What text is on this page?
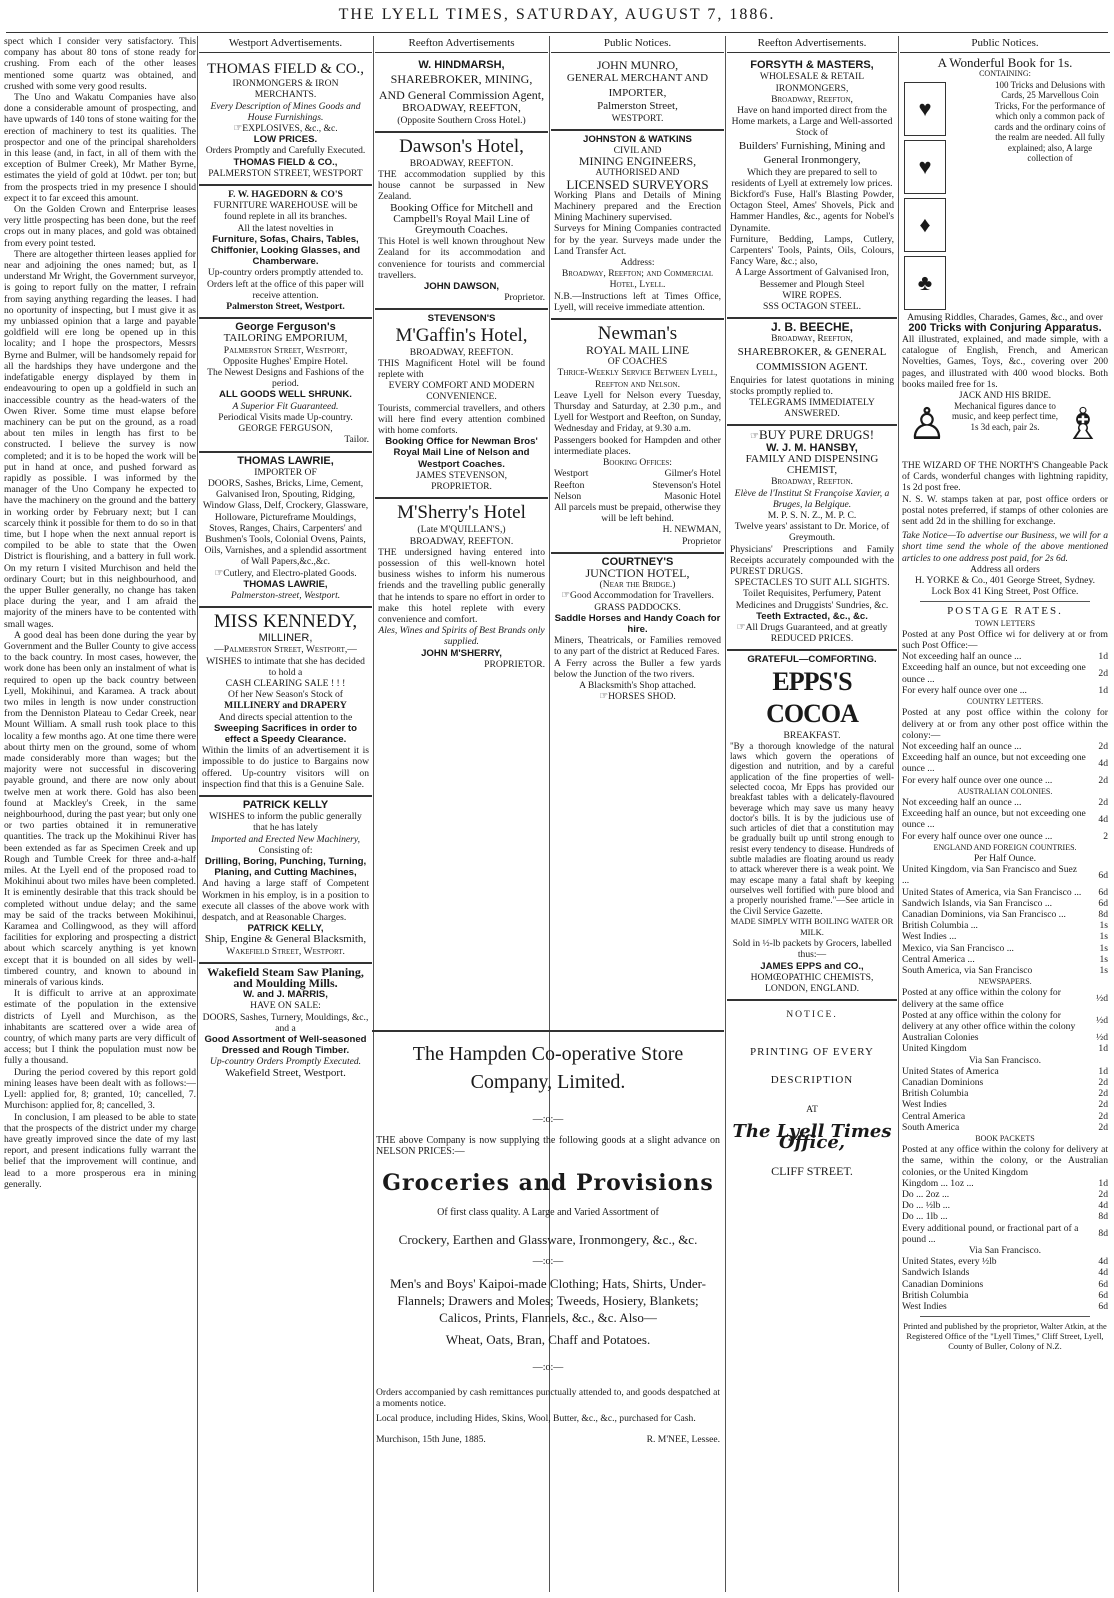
THE LYELL TIMES, SATURDAY, AUGUST 7, 1886.

spect which I consider very satisfactory. This company has about 80 tons of stone ready for crushing. From each of the other leases mentioned some quartz was obtained, and crushed with some very good results.

The Uno and Wakatu Companies have also done a considerable amount of prospecting, and have upwards of 140 tons of stone waiting for the erection of machinery to test its qualities. The prospector and one of the principal shareholders in this lease (and, in fact, in all of them with the exception of Bulmer Creek), Mr Mather Byrne, estimates the yield of gold at 10dwt. per ton; but from the prospects tried in my presence I should expect it to far exceed this amount.

On the Golden Crown and Enterprise leases very little prospecting has been done, but the reef crops out in many places, and gold was obtained from every point tested.

There are altogether thirteen leases applied for near and adjoining the ones named; but, as I understand Mr Wright, the Government surveyor, is going to report fully on the matter, I refrain from saying anything regarding the leases. I had no oportunity of inspecting, but I must give it as my unbiassed opinion that a large and payable goldfield will ere long be opened up in this locality; and I hope the prospectors, Messrs Byrne and Bulmer, will be handsomely repaid for all the hardships they have undergone and the indefatigable energy displayed by them in endeavouring to open up a goldfield in such an inaccessible country as the head-waters of the Owen River. Some time must elapse before machinery can be put on the ground, as a road about ten miles in length has first to be constructed. I believe the survey is now completed; and it is to be hoped the work will be put in hand at once, and pushed forward as rapidly as possible. I was informed by the manager of the Uno Company he expected to have the machinery on the ground and the battery in working order by February next; but I can scarcely think it possible for them to do so in that time, but I hope when the next annual report is compiled to be able to state that the Owen District is flourishing, and a battery in full work. On my return I visited Murchison and held the ordinary Court; but in this neighbourhood, and the upper Buller generally, no change has taken place during the year, and I am afraid the majority of the miners have to be contented with small wages.

A good deal has been done during the year by Government and the Buller County to give access to the back country. In most cases, however, the work done has been only an instalment of what is required to open up the back country between Lyell, Mokihinui, and Karamea. A track about two miles in length is now under construction from the Denniston Plateau to Cedar Creek, near Mount William. A small rush took place to this locality a few months ago. At one time there were about thirty men on the ground, some of whom made considerably more than wages; but the majority were not successful in discovering payable ground, and there are now only about twelve men at work there. Gold has also been found at Mackley's Creek, in the same neighbourhood, during the past year; but only one or two parties obtained it in remunerative quantities. The track up the Mokihinui River has been extended as far as Specimen Creek and up Rough and Tumble Creek for three and-a-half miles. At the Lyell end of the proposed road to Mokihinui about two miles have been completed. It is eminently desirable that this track should be completed without undue delay; and the same may be said of the tracks between Mokihinui, Karamea and Collingwood, as they will afford facilities for exploring and prospecting a district about which scarcely anything is yet known except that it is bounded on all sides by well-timbered country, and known to abound in minerals of various kinds.

It is difficult to arrive at an approximate estimate of the population in the extensive districts of Lyell and Murchison, as the inhabitants are scattered over a wide area of country, of which many parts are very difficult of access; but I think the population must now be fully a thousand.

During the period covered by this report gold mining leases have been dealt with as follows:—Lyell: applied for, 8; granted, 10; cancelled, 7. Murchison: applied for, 8; cancelled, 3.

In conclusion, I am pleased to be able to state that the prospects of the district under my charge have greatly improved since the date of my last report, and present indications fully warrant the belief that the improvement will continue, and lead to a more prosperous era in mining generally.

Westport Advertisements.
THOMAS FIELD & CO.,
IRONMONGERS & IRON MERCHANTS.
Every Description of Mines Goods and House Furnishings.
☞EXPLOSIVES, &c., &c.
LOW PRICES.
Orders Promptly and Carefully Executed.
THOMAS FIELD & CO.,
PALMERSTON STREET, WESTPORT
F. W. HAGEDORN & CO'S
FURNITURE WAREHOUSE will be found replete in all its branches.
All the latest novelties in
Furniture, Sofas, Chairs, Tables, Chiffonier, Looking Glasses, and Chamberware.
Up-country orders promptly attended to. Orders left at the office of this paper will receive attention.
Palmerston Street, Westport.
George Ferguson's
TAILORING EMPORIUM,
Palmerston Street, Westport,
Opposite Hughes' Empire Hotel.
The Newest Designs and Fashions of the period.
ALL GOODS WELL SHRUNK.
A Superior Fit Guaranteed.
Periodical Visits made Up-country.
GEORGE FERGUSON,
Tailor.
THOMAS LAWRIE,
IMPORTER OF
DOORS, Sashes, Bricks, Lime, Cement, Galvanised Iron, Spouting, Ridging, Window Glass, Delf, Crockery, Glassware, Holloware, Pictureframe Mouldings, Stoves, Ranges, Chairs, Carpenters' and Bushmen's Tools, Colonial Ovens, Paints, Oils, Varnishes, and a splendid assortment of Wall Papers,&c.,&c.
☞Cutlery, and Electro-plated Goods.
THOMAS LAWRIE,
Palmerston-street, Westport.
MISS KENNEDY,
MILLINER,
—Palmerston Street, Westport,—
WISHES to intimate that she has decided to hold a
CASH CLEARING SALE ! ! !
Of her New Season's Stock of
MILLINERY and DRAPERY
And directs special attention to the
Sweeping Sacrifices in order to effect a Speedy Clearance.
Within the limits of an advertisement it is impossible to do justice to Bargains now offered. Up-country visitors will on inspection find that this is a Genuine Sale.
PATRICK KELLY
WISHES to inform the public generally that he has lately
Imported and Erected New Machinery,
Consisting of:
Drilling, Boring, Punching, Turning, Planing, and Cutting Machines,
And having a large staff of Competent Workmen in his employ, is in a position to execute all classes of the above work with despatch, and at Reasonable Charges.
PATRICK KELLY,
Ship, Engine & General Blacksmith,
Wakefield Street, Westport.
Wakefield Steam Saw Planing, and Moulding Mills.
W. and J. MARRIS,
HAVE ON SALE:
DOORS, Sashes, Turnery, Mouldings, &c., and a
Good Assortment of Well-seasoned Dressed and Rough Timber.
Up-country Orders Promptly Executed.
Wakefield Street, Westport.
Reefton Advertisements
W. HINDMARSH,
SHAREBROKER, MINING, AND General Commission Agent,
BROADWAY, REEFTON,
(Opposite Southern Cross Hotel.)
Dawson's Hotel,
BROADWAY, REEFTON.
THE accommodation supplied by this house cannot be surpassed in New Zealand.
Booking Office for Mitchell and Campbell's Royal Mail Line of Greymouth Coaches.
This Hotel is well known throughout New Zealand for its accommodation and convenience for tourists and commercial travellers.
JOHN DAWSON,
Proprietor.
STEVENSON'S
M'Gaffin's Hotel,
BROADWAY, REEFTON.
THIS Magnificent Hotel will be found replete with
EVERY COMFORT AND MODERN CONVENIENCE.
Tourists, commercial travellers, and others will here find every attention combined with home comforts.
Booking Office for Newman Bros' Royal Mail Line of Nelson and Westport Coaches.
JAMES STEVENSON,
PROPRIETOR.
M'Sherry's Hotel
(Late M'QUILLAN'S,)
BROADWAY, REEFTON.
THE undersigned having entered into possession of this well-known hotel business wishes to inform his numerous friends and the travelling public generally that he intends to spare no effort in order to make this hotel replete with every convenience and comfort.
Ales, Wines and Spirits of Best Brands only supplied.
JOHN M'SHERRY,
PROPRIETOR.
Public Notices.
JOHN MUNRO,
GENERAL MERCHANT AND IMPORTER,
Palmerston Street,
WESTPORT.
JOHNSTON & WATKINS
CIVIL AND
MINING ENGINEERS,
AUTHORISED AND
LICENSED SURVEYORS
Working Plans and Details of Mining Machinery prepared and the Erection Mining Machinery supervised.
Surveys for Mining Companies contracted for by the year. Surveys made under the Land Transfer Act.
Address:
Broadway, Reefton; and Commercial Hotel, Lyell.
N.B.—Instructions left at Times Office, Lyell, will receive immediate attention.
Newman's
ROYAL MAIL LINE
OF COACHES
Thrice-Weekly Service Between Lyell, Reefton and Nelson.
Leave Lyell for Nelson every Tuesday, Thursday and Saturday, at 2.30 p.m., and Lyell for Westport and Reefton, on Sunday, Wednesday and Friday, at 9.30 a.m.
Passengers booked for Hampden and other intermediate places.
Booking Offices:
Westport	Gilmer's Hotel
Reefton	Stevenson's Hotel
Nelson	Masonic Hotel
All parcels must be prepaid, otherwise they will be left behind.
H. NEWMAN,
Proprietor
COURTNEY'S
JUNCTION HOTEL,
(Near the Bridge.)
☞Good Accommodation for Travellers.
GRASS PADDOCKS.
Saddle Horses and Handy Coach for hire.
Miners, Theatricals, or Families removed to any part of the district at Reduced Fares.
A Ferry across the Buller a few yards below the Junction of the two rivers.
A Blacksmith's Shop attached.
☞HORSES SHOD.
The Hampden Co-operative Store Company, Limited.
—:o:—
THE above Company is now supplying the following goods at a slight advance on NELSON PRICES:—
Groceries and Provisions
Of first class quality. A Large and Varied Assortment of
Crockery, Earthen and Glassware, Ironmongery, &c., &c.
—:o:—
Men's and Boys' Kaipoi-made Clothing; Hats, Shirts, Under-Flannels; Drawers and Moles; Tweeds, Hosiery, Blankets; Calicos, Prints, Flannels, &c., &c. Also—
Wheat, Oats, Bran, Chaff and Potatoes.
—:o:—
Orders accompanied by cash remittances punctually attended to, and goods despatched at a moments notice.
Local produce, including Hides, Skins, Wool, Butter, &c., &c., purchased for Cash.
Murchison, 15th June, 1885.	R. M'NEE, Lessee.
Reefton Advertisements.
FORSYTH & MASTERS,
WHOLESALE & RETAIL IRONMONGERS,
Broadway, Reefton,
Have on hand imported direct from the Home markets, a Large and Well-assorted Stock of
Builders' Furnishing, Mining and General Ironmongery,
Which they are prepared to sell to residents of Lyell at extremely low prices.
Bickford's Fuse, Hall's Blasting Powder, Octagon Steel, Ames' Shovels, Pick and Hammer Handles, &c., agents for Nobel's Dynamite.
Furniture, Bedding, Lamps, Cutlery, Carpenters' Tools, Paints, Oils, Colours, Fancy Ware, &c.; also,
A Large Assortment of Galvanised Iron, Bessemer and Plough Steel
WIRE ROPES.
SSS OCTAGON STEEL.
J. B. BEECHE,
Broadway, Reefton,
SHAREBROKER, & GENERAL COMMISSION AGENT.
Enquiries for latest quotations in mining stocks promptly replied to.
TELEGRAMS IMMEDIATELY ANSWERED.
☞BUY PURE DRUGS!
W. J. M. HANSBY,
FAMILY AND DISPENSING CHEMIST,
Broadway, Reefton.
Elève de l'Institut St Françoise Xavier, a Bruges, la Belgique.
M. P. S. N. Z., M. P. C.
Twelve years' assistant to Dr. Morice, of Greymouth.
Physicians' Prescriptions and Family Receipts accurately compounded with the PUREST DRUGS.
SPECTACLES TO SUIT ALL SIGHTS.
Toilet Requisites, Perfumery, Patent Medicines and Druggists' Sundries, &c.
Teeth Extracted, &c., &c.
☞All Drugs Guaranteed, and at greatly REDUCED PRICES.
GRATEFUL—COMFORTING.
EPPS'S COCOA
BREAKFAST.
"By a thorough knowledge of the natural laws which govern the operations of digestion and nutrition, and by a careful application of the fine properties of well-selected cocoa, Mr Epps has provided our breakfast tables with a delicately-flavoured beverage which may save us many heavy doctor's bills. It is by the judicious use of such articles of diet that a constitution may be gradually built up until strong enough to resist every tendency to disease. Hundreds of subtle maladies are floating around us ready to attack wherever there is a weak point. We may escape many a fatal shaft by keeping ourselves well fortified with pure blood and a properly nourished frame."—See article in the Civil Service Gazette.
MADE SIMPLY WITH BOILING WATER OR MILK.
Sold in ½-lb packets by Grocers, labelled thus:—
JAMES EPPS and CO.,
HOMŒOPATHIC CHEMISTS,
LONDON, ENGLAND.
NOTICE.
PRINTING OF EVERY DESCRIPTION
AT
The Lyell Times Office,
CLIFF STREET.
Public Notices.
A Wonderful Book for 1s.
CONTAINING:
♥♥ ♦♣
100 Tricks and Delusions with Cards, 25 Marvellous Coin Tricks, For the performance of which only a common pack of cards and the ordinary coins of the realm are needed. All fully explained; also, A large collection of
Amusing Riddles, Charades, Games, &c., and over
200 Tricks with Conjuring Apparatus.
All illustrated, explained, and made simple, with a catalogue of English, French, and American Novelties, Games, Toys, &c., covering over 200 pages, and illustrated with 400 wood blocks. Both books mailed free for 1s.
♙
JACK AND HIS BRIDE. Mechanical figures dance to music, and keep perfect time, 1s 3d each, pair 2s. ♗
THE WIZARD OF THE NORTH'S Changeable Pack of Cards, wonderful changes with lightning rapidity, 1s 2d post free.
N. S. W. stamps taken at par, post office orders or postal notes preferred, if stamps of other colonies are sent add 2d in the shilling for exchange.
Take Notice—To advertise our Business, we will for a short time send the whole of the above mentioned articles to one address post paid, for 2s 6d.
Address all orders
H. YORKE & Co., 401 George Street, Sydney.
Lock Box 41 King Street, Post Office.
POSTAGE RATES.
TOWN LETTERS
Posted at any Post Office wi for delivery at or from such Post Office:—
Not exceeding half an ounce ...	1d
Exceeding half an ounce, but not exceeding one ounce ...	2d
For every half ounce over one ...	1d
COUNTRY LETTERS.
Posted at any post office within the colony for delivery at or from any other post office within the colony:—
Not exceeding half an ounce ...	2d
Exceeding half an ounce, but not exceeding one ounce ...	4d
For every half ounce over one ounce ...	2d
AUSTRALIAN COLONIES.
Not exceeding half an ounce ...	2d
Exceeding half an ounce, but not exceeding one ounce ...	4d
For every half ounce over one ounce ...	2
ENGLAND AND FOREIGN COUNTRIES.
Per Half Ounce.
United Kingdom, via San Francisco and Suez ...	6d
United States of America, via San Francisco ...	6d
Sandwich Islands, via San Francisco ...	6d
Canadian Dominions, via San Francisco ...	8d
British Columbia ...	1s
West Indies ...	1s
Mexico, via San Francisco ...	1s
Central America ...	1s
South America, via San Francisco	1s
NEWSPAPERS.
Posted at any office within the colony for delivery at the same office	½d
Posted at any office within the colony for delivery at any other office within the colony	½d
Australian Colonies	½d
United Kingdom	1d
Via San Francisco.
United States of America	1d
Canadian Dominions	2d
British Columbia	2d
West Indies	2d
Central America	2d
South America	2d
BOOK PACKETS
Posted at any office within the colony for delivery at the same, within the colony, or the Australian colonies, or the United Kingdom
Kingdom ... 1oz ...	1d
Do ... 2oz ...	2d
Do ... ½lb ...	4d
Do ... 1lb ...	8d
Every additional pound, or fractional part of a pound ...	8d
Via San Francisco.
United States, every ½lb	4d
Sandwich Islands	4d
Canadian Dominions	6d
British Columbia	6d
West Indies	6d
Printed and published by the proprietor, Walter Atkin, at the Registered Office of the "Lyell Times," Cliff Street, Lyell, County of Buller, Colony of N.Z.
